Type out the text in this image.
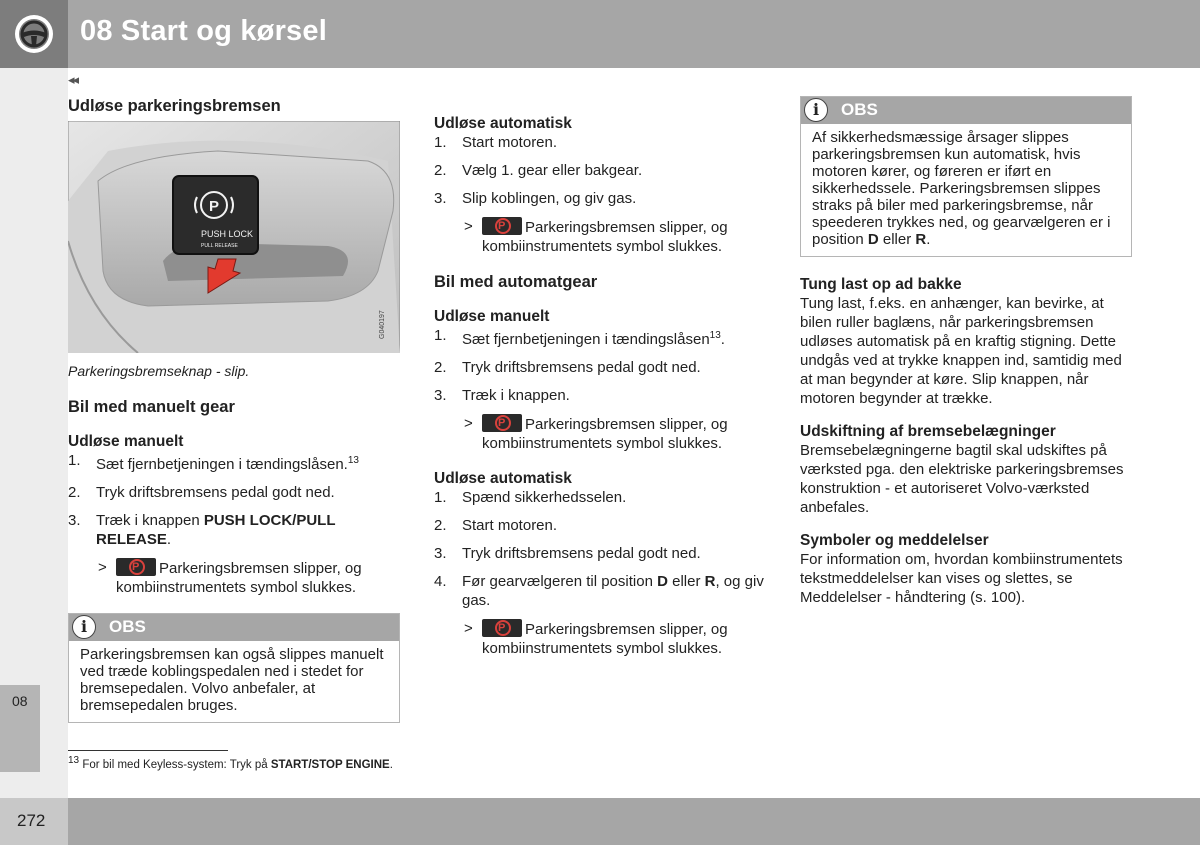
08 Start og kørsel
08
◂◂
Udløse parkeringsbremsen
P
PUSH LOCK
PULL RELEASE
G040197

Parkeringsbremseknap - slip.

Bil med manuelt gear
Udløse manuelt
1. Sæt fjernbetjeningen i tændingslåsen.$^{13}$
2. Tryk driftsbremsens pedal godt ned.
3. Træk i knappen PUSH LOCK/PULL RELEASE.
> P	Parkeringsbremsen slipper, og kombiinstrumentets symbol slukkes.
i	OBS
Parkeringsbremsen kan også slippes manuelt ved træde koblingspedalen ned i stedet for bremsepedalen. Volvo anbefaler, at bremsepedalen bruges.
Udløse automatisk
1. Start motoren.
2. Vælg 1. gear eller bakgear.
3. Slip koblingen, og giv gas.
> P	Parkeringsbremsen slipper, og kombiinstrumentets symbol slukkes.
Bil med automatgear
Udløse manuelt
1. Sæt fjernbetjeningen i tændingslåsen$^{13}$.
2. Tryk driftsbremsens pedal godt ned.
3. Træk i knappen.
> P	Parkeringsbremsen slipper, og kombiinstrumentets symbol slukkes.
Udløse automatisk
1. Spænd sikkerhedsselen.
2. Start motoren.
3. Tryk driftsbremsens pedal godt ned.
4. Før gearvælgeren til position D eller R, og giv gas.
> P	Parkeringsbremsen slipper, og kombiinstrumentets symbol slukkes.
i	OBS
Af sikkerhedsmæssige årsager slippes parkeringsbremsen kun automatisk, hvis motoren kører, og føreren er iført en sikkerhedssele. Parkeringsbremsen slippes straks på biler med parkeringsbremse, når speederen trykkes ned, og gearvælgeren er i position D eller R.
Tung last op ad bakke

Tung last, f.eks. en anhænger, kan bevirke, at bilen ruller baglæns, når parkeringsbremsen udløses automatisk på en kraftig stigning. Dette undgås ved at trykke knappen ind, samtidig med at man begynder at køre. Slip knappen, når motoren begynder at trække.

Udskiftning af bremsebelægninger

Bremsebelægningerne bagtil skal udskiftes på værksted pga. den elektriske parkeringsbremses konstruktion - et autoriseret Volvo-værksted anbefales.

Symboler og meddelelser

For information om, hvordan kombiinstrumentets tekstmeddelelser kan vises og slettes, se Meddelelser - håndtering (s. 100).

$^{13}$ For bil med Keyless-system: Tryk på START/STOP ENGINE.
272
